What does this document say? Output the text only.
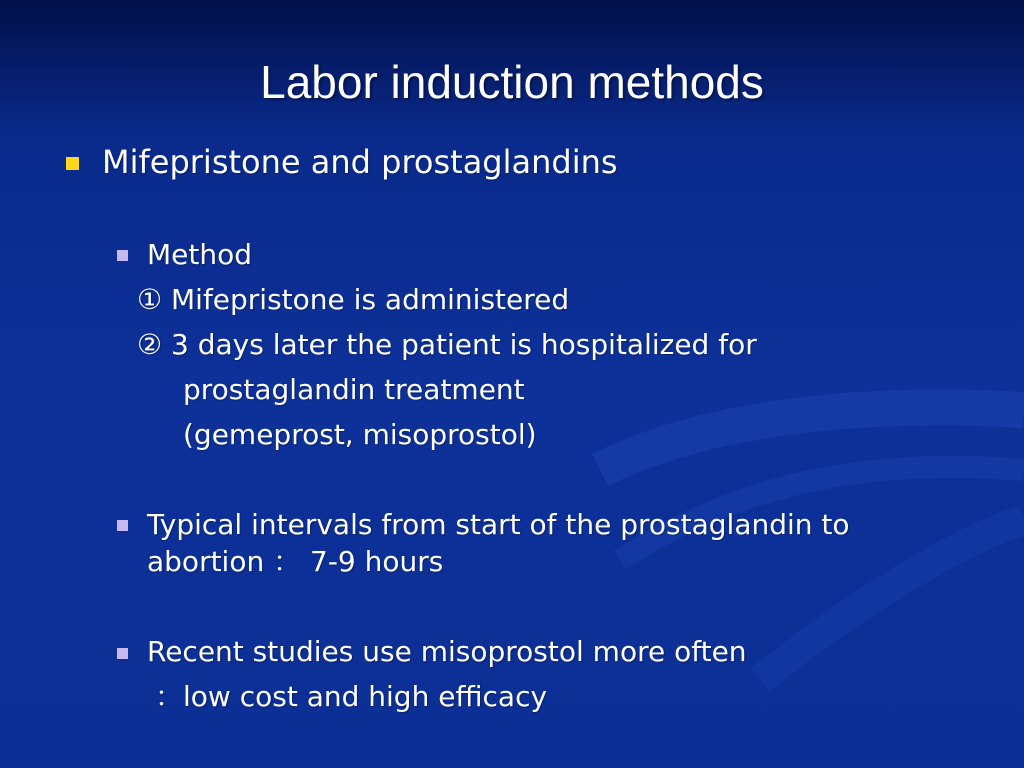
Labor induction methods
Mifepristone and prostaglandins
Method
① Mifepristone is administered
② 3 days later the patient is hospitalized for
prostaglandin treatment
(gemeprost, misoprostol)
Typical intervals from start of the prostaglandin to
abortion ： 7-9 hours
Recent studies use misoprostol more often
：low cost and high efficacy
